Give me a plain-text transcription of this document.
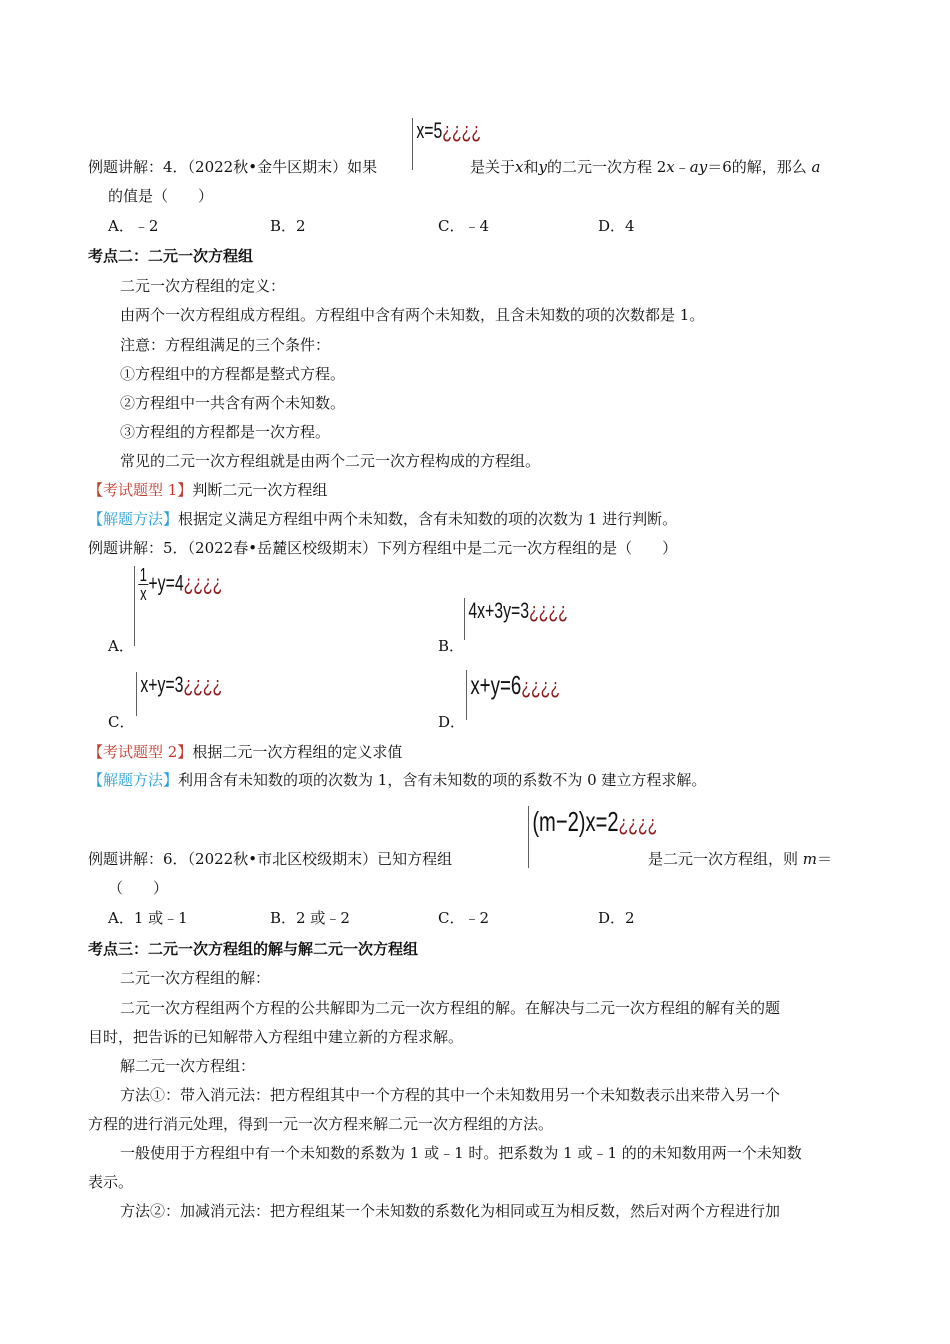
x=5¿¿¿¿
例题讲解：4．（2022秋•金牛区期末）如果	是关于x和y的二元一次方程 2x﹣ay＝6的解，那么 a
的值是（　　）
A．﹣2	B．2	C．﹣4	D．4
考点二：二元一次方程组
二元一次方程组的定义：
由两个一次方程组成方程组。方程组中含有两个未知数，且含未知数的项的次数都是 1。
注意：方程组满足的三个条件：
①方程组中的方程都是整式方程。
②方程组中一共含有两个未知数。
③方程组的方程都是一次方程。
常见的二元一次方程组就是由两个二元一次方程构成的方程组。
【考试题型 1】判断二元一次方程组
【解题方法】根据定义满足方程组中两个未知数，含有未知数的项的次数为 1 进行判断。
例题讲解：5．（2022春•岳麓区校级期末）下列方程组中是二元一次方程组的是（　　）
$\frac{1}{x}$ +y=4¿¿¿¿
A．
4x+3y=3¿¿¿¿
B．
x+y=3¿¿¿¿
C．
x+y=6¿¿¿¿
D．
【考试题型 2】根据二元一次方程组的定义求值
【解题方法】利用含有未知数的项的次数为 1，含有未知数的项的系数不为 0 建立方程求解。
(m−2)x=2¿¿¿¿
例题讲解：6．（2022秋•市北区校级期末）已知方程组	是二元一次方程组，则 m＝
（　　）
A．1 或﹣1	B．2 或﹣2	C．﹣2	D．2
考点三：二元一次方程组的解与解二元一次方程组
二元一次方程组的解：
二元一次方程组两个方程的公共解即为二元一次方程组的解。在解决与二元一次方程组的解有关的题
目时，把告诉的已知解带入方程组中建立新的方程求解。
解二元一次方程组：
方法①：带入消元法：把方程组其中一个方程的其中一个未知数用另一个未知数表示出来带入另一个
方程的进行消元处理，得到一元一次方程来解二元一次方程组的方法。
一般使用于方程组中有一个未知数的系数为 1 或﹣1 时。把系数为 1 或﹣1 的的未知数用两一个未知数
表示。
方法②：加减消元法：把方程组某一个未知数的系数化为相同或互为相反数，然后对两个方程进行加
